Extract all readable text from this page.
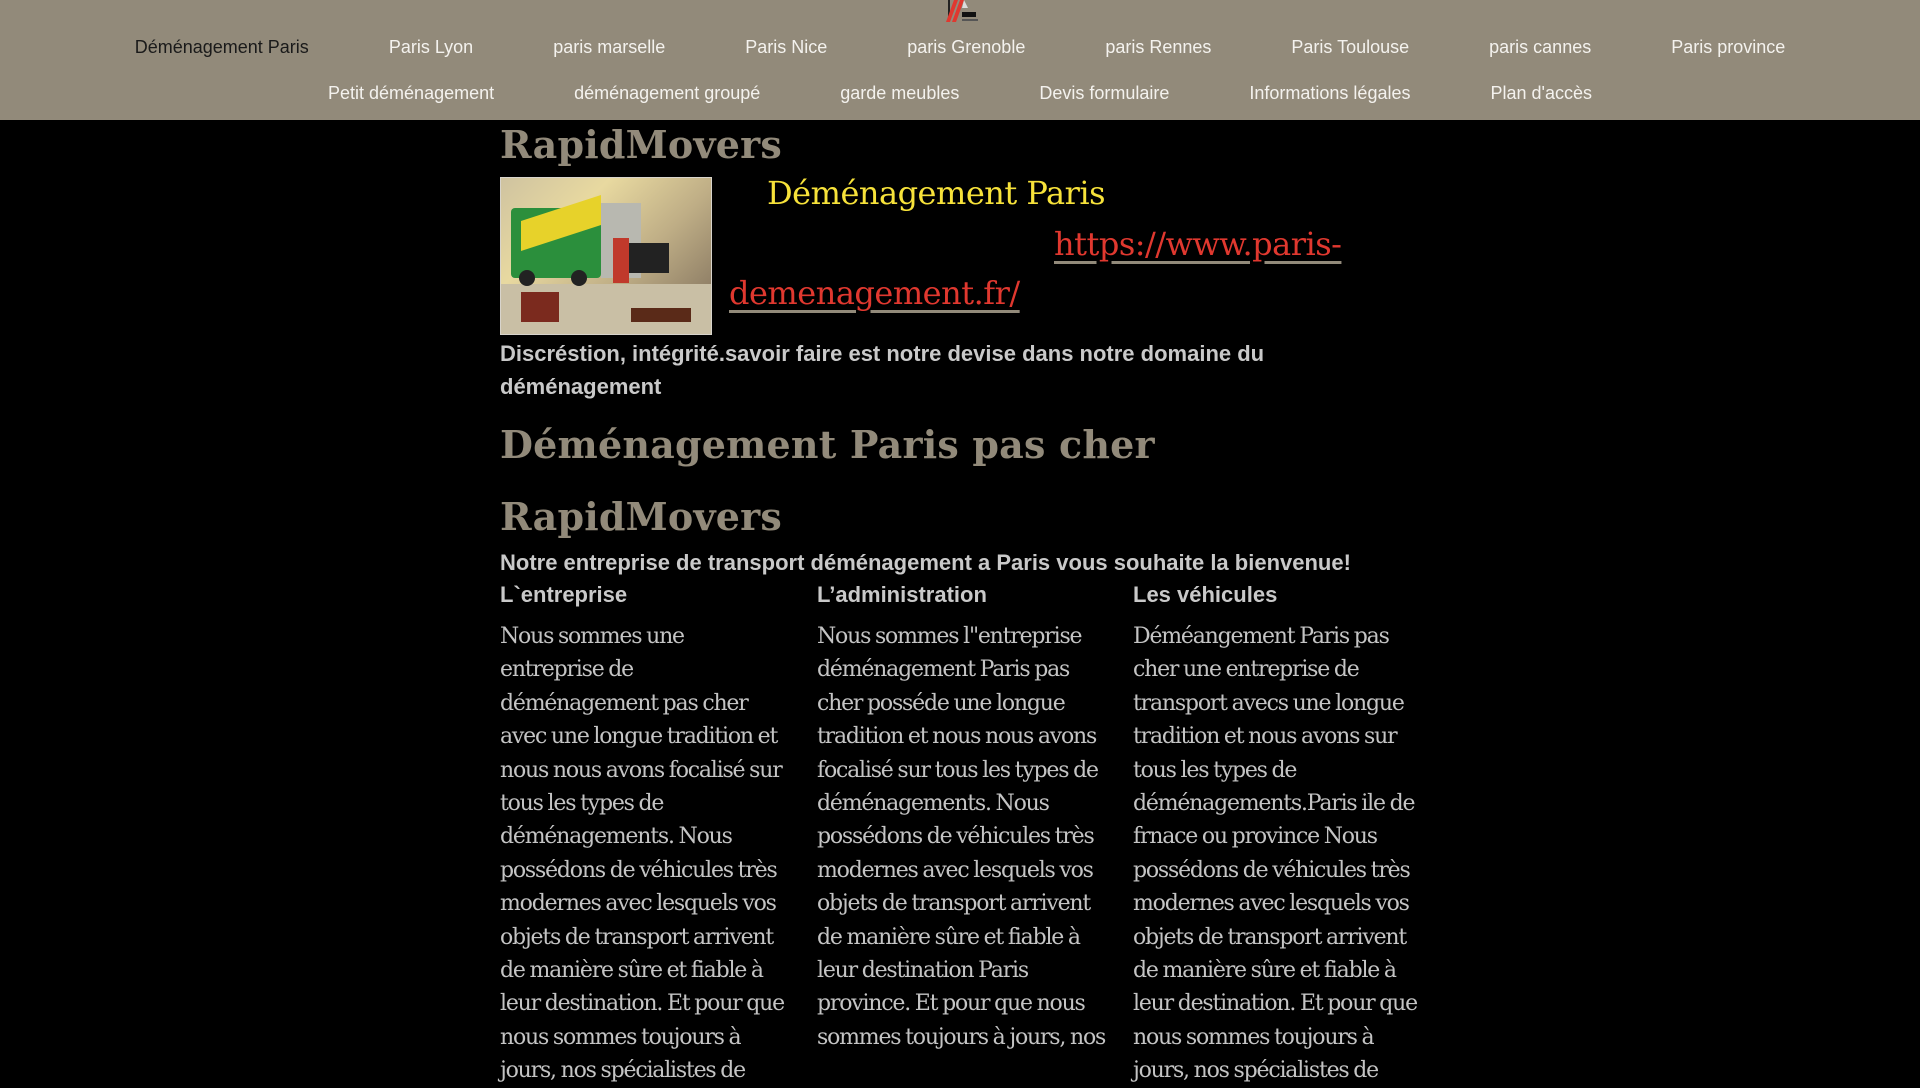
Déménagement Paris	Paris Lyon	paris marselle	Paris Nice	paris Grenoble	paris Rennes	Paris Toulouse	paris cannes	Paris province
Petit déménagement	déménagement groupé	garde meubles	Devis formulaire	Informations légales	Plan d'accès
RapidMovers
Déménagement Paris
https://www.paris-demenagement.fr/
Discréstion, intégrité.savoir faire est notre devise dans notre domaine du déménagement
Déménagement Paris pas cher
RapidMovers
Notre entreprise de transport déménagement a Paris vous souhaite la bienvenue!
L`entreprise	L’administration	Les véhicules
Nous sommes une entreprise de déménagement pas cher avec une longue tradition et nous nous avons focalisé sur tous les types de déménagements. Nous possédons de véhicules très modernes avec lesquels vos objets de transport arrivent de manière sûre et fiable à leur destination. Et pour que nous sommes toujours à jours, nos spécialistes de
Nous sommes l"entreprise déménagement Paris pas cher posséde une longue tradition et nous nous avons focalisé sur tous les types de déménagements. Nous possédons de véhicules très modernes avec lesquels vos objets de transport arrivent de manière sûre et fiable à leur destination Paris province. Et pour que nous sommes toujours à jours, nos
Déméangement Paris pas cher une entreprise de transport avecs une longue tradition et nous avons sur tous les types de déménagements.Paris ile de frnace ou province Nous possédons de véhicules très modernes avec lesquels vos objets de transport arrivent de manière sûre et fiable à leur destination. Et pour que nous sommes toujours à jours, nos spécialistes de
